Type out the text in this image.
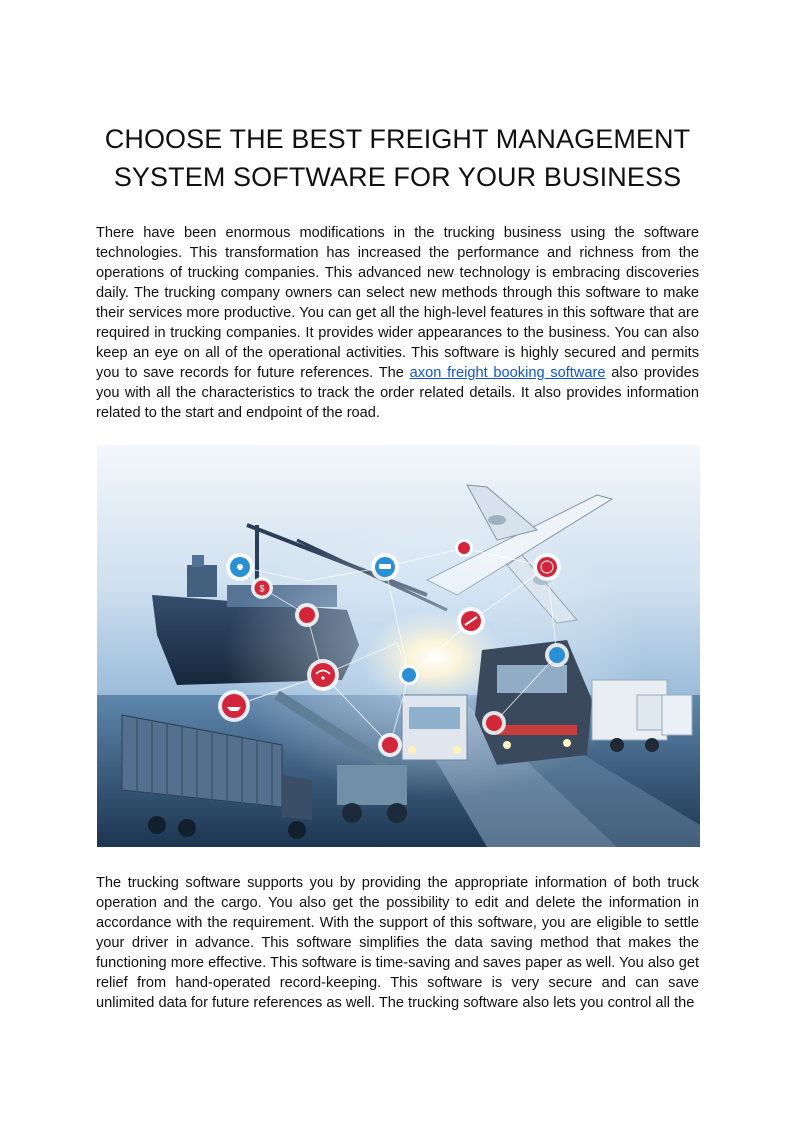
CHOOSE THE BEST FREIGHT MANAGEMENT
SYSTEM SOFTWARE FOR YOUR BUSINESS

There have been enormous modifications in the trucking business using the software technologies. This transformation has increased the performance and richness from the operations of trucking companies. This advanced new technology is embracing discoveries daily. The trucking company owners can select new methods through this software to make their services more productive. You can get all the high-level features in this software that are required in trucking companies. It provides wider appearances to the business. You can also keep an eye on all of the operational activities. This software is highly secured and permits you to save records for future references. The axon freight booking software also provides you with all the characteristics to track the order related details. It also provides information related to the start and endpoint of the road.

$

The trucking software supports you by providing the appropriate information of both truck operation and the cargo. You also get the possibility to edit and delete the information in accordance with the requirement. With the support of this software, you are eligible to settle your driver in advance. This software simplifies the data saving method that makes the functioning more effective. This software is time-saving and saves paper as well. You also get relief from hand-operated record-keeping. This software is very secure and can save unlimited data for future references as well. The trucking software also lets you control all the
